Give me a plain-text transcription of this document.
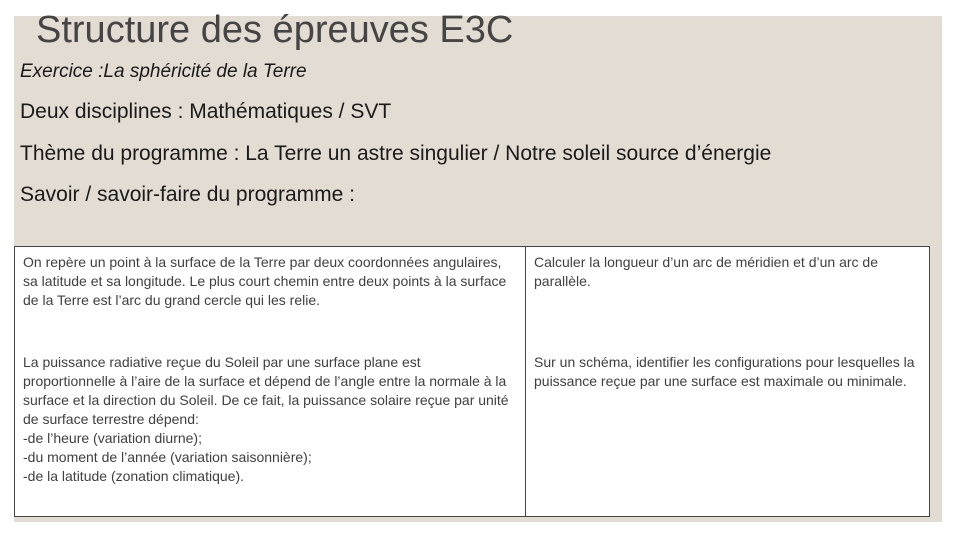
Structure des épreuves E3C
Exercice :La sphéricité de la Terre
Deux disciplines : Mathématiques / SVT
Thème du programme : La Terre un astre singulier / Notre soleil source d’énergie
Savoir / savoir-faire du programme :
On repère un point à la surface de la Terre par deux coordonnées angulaires, sa latitude et sa longitude. Le plus court chemin entre deux points à la surface de la Terre est l’arc du grand cercle qui les relie.	Calculer la longueur d’un arc de méridien et d’un arc de parallèle.
La puissance radiative reçue du Soleil par une surface plane est proportionnelle à l’aire de la surface et dépend de l’angle entre la normale à la surface et la direction du Soleil. De ce fait, la puissance solaire reçue par unité de surface terrestre dépend:
-de l’heure (variation diurne);
-du moment de l’année (variation saisonnière);
-de la latitude (zonation climatique).	Sur un schéma, identifier les configurations pour lesquelles la puissance reçue par une surface est maximale ou minimale.
